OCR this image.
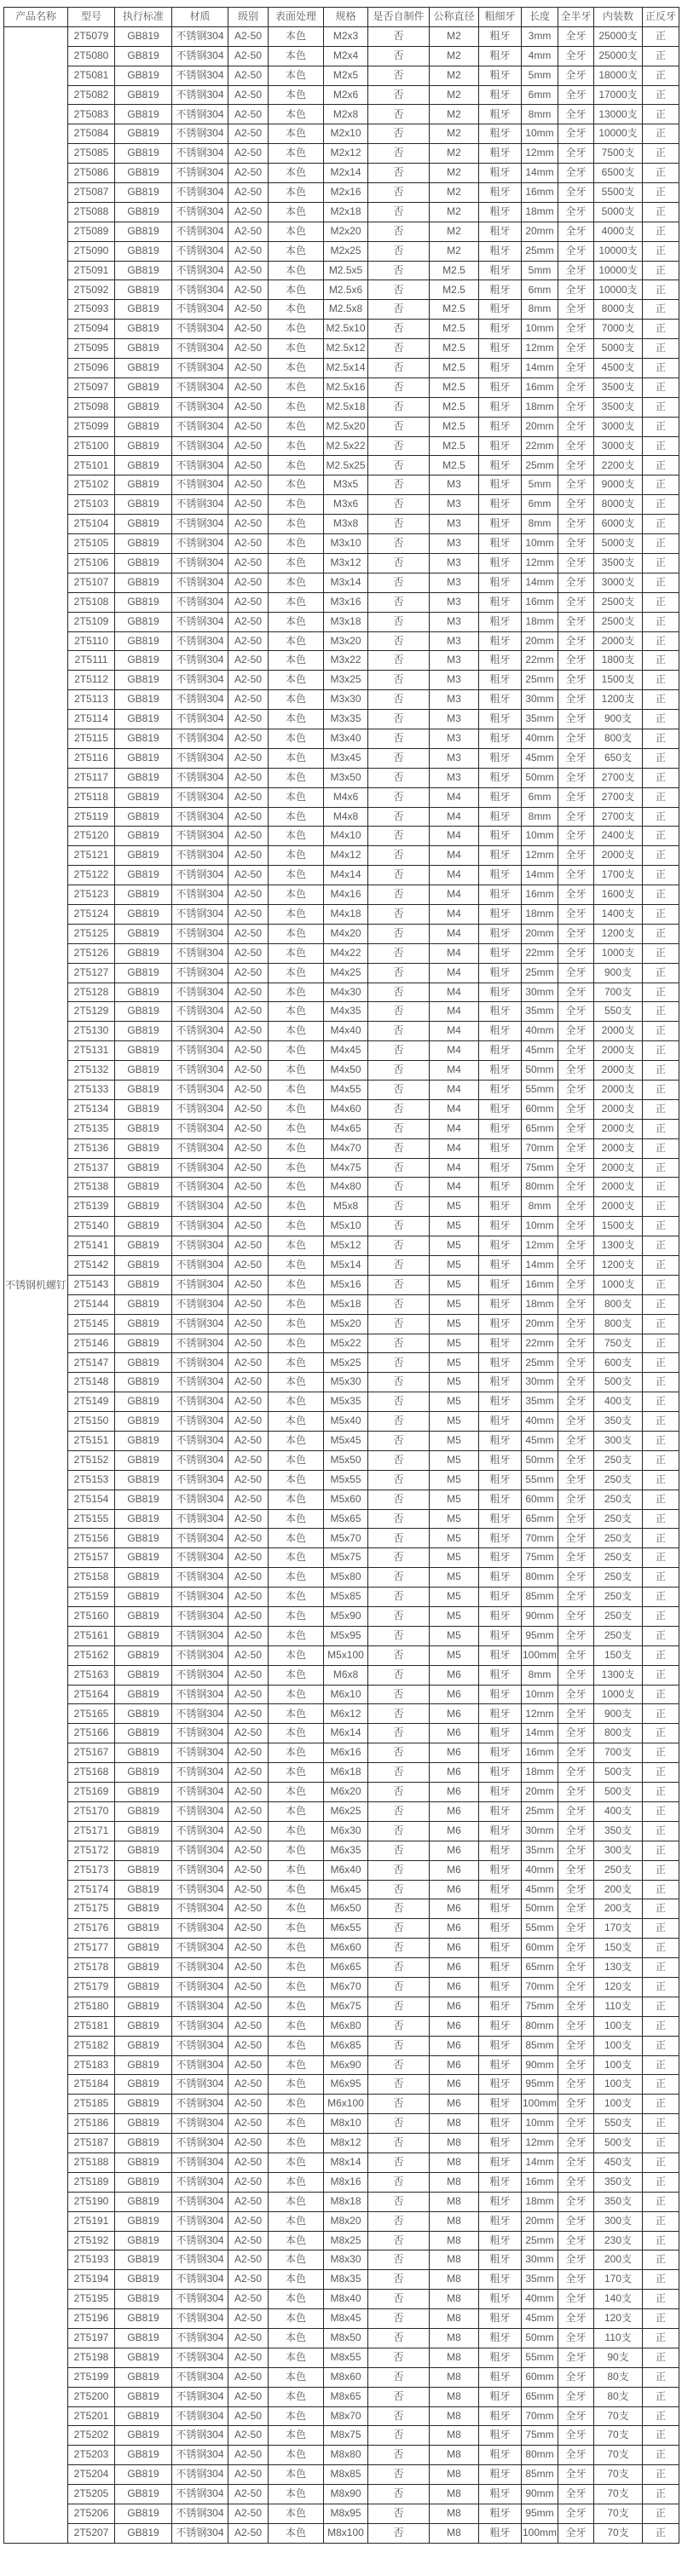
产品名称	型号	执行标准	材质	级别	表面处理	规格	是否自制件	公称直径	粗细牙	长度	全半牙	内装数	正反牙
不锈钢机螺钉	2T5079	GB819	不锈钢304	A2-50	本色	M2x3	否	M2	粗牙	3mm	全牙	25000支	正
	2T5080	GB819	不锈钢304	A2-50	本色	M2x4	否	M2	粗牙	4mm	全牙	25000支	正
	2T5081	GB819	不锈钢304	A2-50	本色	M2x5	否	M2	粗牙	5mm	全牙	18000支	正
	2T5082	GB819	不锈钢304	A2-50	本色	M2x6	否	M2	粗牙	6mm	全牙	17000支	正
	2T5083	GB819	不锈钢304	A2-50	本色	M2x8	否	M2	粗牙	8mm	全牙	13000支	正
	2T5084	GB819	不锈钢304	A2-50	本色	M2x10	否	M2	粗牙	10mm	全牙	10000支	正
	2T5085	GB819	不锈钢304	A2-50	本色	M2x12	否	M2	粗牙	12mm	全牙	7500支	正
	2T5086	GB819	不锈钢304	A2-50	本色	M2x14	否	M2	粗牙	14mm	全牙	6500支	正
	2T5087	GB819	不锈钢304	A2-50	本色	M2x16	否	M2	粗牙	16mm	全牙	5500支	正
	2T5088	GB819	不锈钢304	A2-50	本色	M2x18	否	M2	粗牙	18mm	全牙	5000支	正
	2T5089	GB819	不锈钢304	A2-50	本色	M2x20	否	M2	粗牙	20mm	全牙	4000支	正
	2T5090	GB819	不锈钢304	A2-50	本色	M2x25	否	M2	粗牙	25mm	全牙	10000支	正
	2T5091	GB819	不锈钢304	A2-50	本色	M2.5x5	否	M2.5	粗牙	5mm	全牙	10000支	正
	2T5092	GB819	不锈钢304	A2-50	本色	M2.5x6	否	M2.5	粗牙	6mm	全牙	10000支	正
	2T5093	GB819	不锈钢304	A2-50	本色	M2.5x8	否	M2.5	粗牙	8mm	全牙	8000支	正
	2T5094	GB819	不锈钢304	A2-50	本色	M2.5x10	否	M2.5	粗牙	10mm	全牙	7000支	正
	2T5095	GB819	不锈钢304	A2-50	本色	M2.5x12	否	M2.5	粗牙	12mm	全牙	5000支	正
	2T5096	GB819	不锈钢304	A2-50	本色	M2.5x14	否	M2.5	粗牙	14mm	全牙	4500支	正
	2T5097	GB819	不锈钢304	A2-50	本色	M2.5x16	否	M2.5	粗牙	16mm	全牙	3500支	正
	2T5098	GB819	不锈钢304	A2-50	本色	M2.5x18	否	M2.5	粗牙	18mm	全牙	3500支	正
	2T5099	GB819	不锈钢304	A2-50	本色	M2.5x20	否	M2.5	粗牙	20mm	全牙	3000支	正
	2T5100	GB819	不锈钢304	A2-50	本色	M2.5x22	否	M2.5	粗牙	22mm	全牙	3000支	正
	2T5101	GB819	不锈钢304	A2-50	本色	M2.5x25	否	M2.5	粗牙	25mm	全牙	2200支	正
	2T5102	GB819	不锈钢304	A2-50	本色	M3x5	否	M3	粗牙	5mm	全牙	9000支	正
	2T5103	GB819	不锈钢304	A2-50	本色	M3x6	否	M3	粗牙	6mm	全牙	8000支	正
	2T5104	GB819	不锈钢304	A2-50	本色	M3x8	否	M3	粗牙	8mm	全牙	6000支	正
	2T5105	GB819	不锈钢304	A2-50	本色	M3x10	否	M3	粗牙	10mm	全牙	5000支	正
	2T5106	GB819	不锈钢304	A2-50	本色	M3x12	否	M3	粗牙	12mm	全牙	3500支	正
	2T5107	GB819	不锈钢304	A2-50	本色	M3x14	否	M3	粗牙	14mm	全牙	3000支	正
	2T5108	GB819	不锈钢304	A2-50	本色	M3x16	否	M3	粗牙	16mm	全牙	2500支	正
	2T5109	GB819	不锈钢304	A2-50	本色	M3x18	否	M3	粗牙	18mm	全牙	2500支	正
	2T5110	GB819	不锈钢304	A2-50	本色	M3x20	否	M3	粗牙	20mm	全牙	2000支	正
	2T5111	GB819	不锈钢304	A2-50	本色	M3x22	否	M3	粗牙	22mm	全牙	1800支	正
	2T5112	GB819	不锈钢304	A2-50	本色	M3x25	否	M3	粗牙	25mm	全牙	1500支	正
	2T5113	GB819	不锈钢304	A2-50	本色	M3x30	否	M3	粗牙	30mm	全牙	1200支	正
	2T5114	GB819	不锈钢304	A2-50	本色	M3x35	否	M3	粗牙	35mm	全牙	900支	正
	2T5115	GB819	不锈钢304	A2-50	本色	M3x40	否	M3	粗牙	40mm	全牙	800支	正
	2T5116	GB819	不锈钢304	A2-50	本色	M3x45	否	M3	粗牙	45mm	全牙	650支	正
	2T5117	GB819	不锈钢304	A2-50	本色	M3x50	否	M3	粗牙	50mm	全牙	2700支	正
	2T5118	GB819	不锈钢304	A2-50	本色	M4x6	否	M4	粗牙	6mm	全牙	2700支	正
	2T5119	GB819	不锈钢304	A2-50	本色	M4x8	否	M4	粗牙	8mm	全牙	2700支	正
	2T5120	GB819	不锈钢304	A2-50	本色	M4x10	否	M4	粗牙	10mm	全牙	2400支	正
	2T5121	GB819	不锈钢304	A2-50	本色	M4x12	否	M4	粗牙	12mm	全牙	2000支	正
	2T5122	GB819	不锈钢304	A2-50	本色	M4x14	否	M4	粗牙	14mm	全牙	1700支	正
	2T5123	GB819	不锈钢304	A2-50	本色	M4x16	否	M4	粗牙	16mm	全牙	1600支	正
	2T5124	GB819	不锈钢304	A2-50	本色	M4x18	否	M4	粗牙	18mm	全牙	1400支	正
	2T5125	GB819	不锈钢304	A2-50	本色	M4x20	否	M4	粗牙	20mm	全牙	1200支	正
	2T5126	GB819	不锈钢304	A2-50	本色	M4x22	否	M4	粗牙	22mm	全牙	1000支	正
	2T5127	GB819	不锈钢304	A2-50	本色	M4x25	否	M4	粗牙	25mm	全牙	900支	正
	2T5128	GB819	不锈钢304	A2-50	本色	M4x30	否	M4	粗牙	30mm	全牙	700支	正
	2T5129	GB819	不锈钢304	A2-50	本色	M4x35	否	M4	粗牙	35mm	全牙	550支	正
	2T5130	GB819	不锈钢304	A2-50	本色	M4x40	否	M4	粗牙	40mm	全牙	2000支	正
	2T5131	GB819	不锈钢304	A2-50	本色	M4x45	否	M4	粗牙	45mm	全牙	2000支	正
	2T5132	GB819	不锈钢304	A2-50	本色	M4x50	否	M4	粗牙	50mm	全牙	2000支	正
	2T5133	GB819	不锈钢304	A2-50	本色	M4x55	否	M4	粗牙	55mm	全牙	2000支	正
	2T5134	GB819	不锈钢304	A2-50	本色	M4x60	否	M4	粗牙	60mm	全牙	2000支	正
	2T5135	GB819	不锈钢304	A2-50	本色	M4x65	否	M4	粗牙	65mm	全牙	2000支	正
	2T5136	GB819	不锈钢304	A2-50	本色	M4x70	否	M4	粗牙	70mm	全牙	2000支	正
	2T5137	GB819	不锈钢304	A2-50	本色	M4x75	否	M4	粗牙	75mm	全牙	2000支	正
	2T5138	GB819	不锈钢304	A2-50	本色	M4x80	否	M4	粗牙	80mm	全牙	2000支	正
	2T5139	GB819	不锈钢304	A2-50	本色	M5x8	否	M5	粗牙	8mm	全牙	2000支	正
	2T5140	GB819	不锈钢304	A2-50	本色	M5x10	否	M5	粗牙	10mm	全牙	1500支	正
	2T5141	GB819	不锈钢304	A2-50	本色	M5x12	否	M5	粗牙	12mm	全牙	1300支	正
	2T5142	GB819	不锈钢304	A2-50	本色	M5x14	否	M5	粗牙	14mm	全牙	1200支	正
	2T5143	GB819	不锈钢304	A2-50	本色	M5x16	否	M5	粗牙	16mm	全牙	1000支	正
	2T5144	GB819	不锈钢304	A2-50	本色	M5x18	否	M5	粗牙	18mm	全牙	800支	正
	2T5145	GB819	不锈钢304	A2-50	本色	M5x20	否	M5	粗牙	20mm	全牙	800支	正
	2T5146	GB819	不锈钢304	A2-50	本色	M5x22	否	M5	粗牙	22mm	全牙	750支	正
	2T5147	GB819	不锈钢304	A2-50	本色	M5x25	否	M5	粗牙	25mm	全牙	600支	正
	2T5148	GB819	不锈钢304	A2-50	本色	M5x30	否	M5	粗牙	30mm	全牙	500支	正
	2T5149	GB819	不锈钢304	A2-50	本色	M5x35	否	M5	粗牙	35mm	全牙	400支	正
	2T5150	GB819	不锈钢304	A2-50	本色	M5x40	否	M5	粗牙	40mm	全牙	350支	正
	2T5151	GB819	不锈钢304	A2-50	本色	M5x45	否	M5	粗牙	45mm	全牙	300支	正
	2T5152	GB819	不锈钢304	A2-50	本色	M5x50	否	M5	粗牙	50mm	全牙	250支	正
	2T5153	GB819	不锈钢304	A2-50	本色	M5x55	否	M5	粗牙	55mm	全牙	250支	正
	2T5154	GB819	不锈钢304	A2-50	本色	M5x60	否	M5	粗牙	60mm	全牙	250支	正
	2T5155	GB819	不锈钢304	A2-50	本色	M5x65	否	M5	粗牙	65mm	全牙	250支	正
	2T5156	GB819	不锈钢304	A2-50	本色	M5x70	否	M5	粗牙	70mm	全牙	250支	正
	2T5157	GB819	不锈钢304	A2-50	本色	M5x75	否	M5	粗牙	75mm	全牙	250支	正
	2T5158	GB819	不锈钢304	A2-50	本色	M5x80	否	M5	粗牙	80mm	全牙	250支	正
	2T5159	GB819	不锈钢304	A2-50	本色	M5x85	否	M5	粗牙	85mm	全牙	250支	正
	2T5160	GB819	不锈钢304	A2-50	本色	M5x90	否	M5	粗牙	90mm	全牙	250支	正
	2T5161	GB819	不锈钢304	A2-50	本色	M5x95	否	M5	粗牙	95mm	全牙	250支	正
	2T5162	GB819	不锈钢304	A2-50	本色	M5x100	否	M5	粗牙	100mm	全牙	150支	正
	2T5163	GB819	不锈钢304	A2-50	本色	M6x8	否	M6	粗牙	8mm	全牙	1300支	正
	2T5164	GB819	不锈钢304	A2-50	本色	M6x10	否	M6	粗牙	10mm	全牙	1000支	正
	2T5165	GB819	不锈钢304	A2-50	本色	M6x12	否	M6	粗牙	12mm	全牙	900支	正
	2T5166	GB819	不锈钢304	A2-50	本色	M6x14	否	M6	粗牙	14mm	全牙	800支	正
	2T5167	GB819	不锈钢304	A2-50	本色	M6x16	否	M6	粗牙	16mm	全牙	700支	正
	2T5168	GB819	不锈钢304	A2-50	本色	M6x18	否	M6	粗牙	18mm	全牙	500支	正
	2T5169	GB819	不锈钢304	A2-50	本色	M6x20	否	M6	粗牙	20mm	全牙	500支	正
	2T5170	GB819	不锈钢304	A2-50	本色	M6x25	否	M6	粗牙	25mm	全牙	400支	正
	2T5171	GB819	不锈钢304	A2-50	本色	M6x30	否	M6	粗牙	30mm	全牙	350支	正
	2T5172	GB819	不锈钢304	A2-50	本色	M6x35	否	M6	粗牙	35mm	全牙	300支	正
	2T5173	GB819	不锈钢304	A2-50	本色	M6x40	否	M6	粗牙	40mm	全牙	250支	正
	2T5174	GB819	不锈钢304	A2-50	本色	M6x45	否	M6	粗牙	45mm	全牙	200支	正
	2T5175	GB819	不锈钢304	A2-50	本色	M6x50	否	M6	粗牙	50mm	全牙	200支	正
	2T5176	GB819	不锈钢304	A2-50	本色	M6x55	否	M6	粗牙	55mm	全牙	170支	正
	2T5177	GB819	不锈钢304	A2-50	本色	M6x60	否	M6	粗牙	60mm	全牙	150支	正
	2T5178	GB819	不锈钢304	A2-50	本色	M6x65	否	M6	粗牙	65mm	全牙	130支	正
	2T5179	GB819	不锈钢304	A2-50	本色	M6x70	否	M6	粗牙	70mm	全牙	120支	正
	2T5180	GB819	不锈钢304	A2-50	本色	M6x75	否	M6	粗牙	75mm	全牙	110支	正
	2T5181	GB819	不锈钢304	A2-50	本色	M6x80	否	M6	粗牙	80mm	全牙	100支	正
	2T5182	GB819	不锈钢304	A2-50	本色	M6x85	否	M6	粗牙	85mm	全牙	100支	正
	2T5183	GB819	不锈钢304	A2-50	本色	M6x90	否	M6	粗牙	90mm	全牙	100支	正
	2T5184	GB819	不锈钢304	A2-50	本色	M6x95	否	M6	粗牙	95mm	全牙	100支	正
	2T5185	GB819	不锈钢304	A2-50	本色	M6x100	否	M6	粗牙	100mm	全牙	100支	正
	2T5186	GB819	不锈钢304	A2-50	本色	M8x10	否	M8	粗牙	10mm	全牙	550支	正
	2T5187	GB819	不锈钢304	A2-50	本色	M8x12	否	M8	粗牙	12mm	全牙	500支	正
	2T5188	GB819	不锈钢304	A2-50	本色	M8x14	否	M8	粗牙	14mm	全牙	450支	正
	2T5189	GB819	不锈钢304	A2-50	本色	M8x16	否	M8	粗牙	16mm	全牙	350支	正
	2T5190	GB819	不锈钢304	A2-50	本色	M8x18	否	M8	粗牙	18mm	全牙	350支	正
	2T5191	GB819	不锈钢304	A2-50	本色	M8x20	否	M8	粗牙	20mm	全牙	300支	正
	2T5192	GB819	不锈钢304	A2-50	本色	M8x25	否	M8	粗牙	25mm	全牙	230支	正
	2T5193	GB819	不锈钢304	A2-50	本色	M8x30	否	M8	粗牙	30mm	全牙	200支	正
	2T5194	GB819	不锈钢304	A2-50	本色	M8x35	否	M8	粗牙	35mm	全牙	170支	正
	2T5195	GB819	不锈钢304	A2-50	本色	M8x40	否	M8	粗牙	40mm	全牙	140支	正
	2T5196	GB819	不锈钢304	A2-50	本色	M8x45	否	M8	粗牙	45mm	全牙	120支	正
	2T5197	GB819	不锈钢304	A2-50	本色	M8x50	否	M8	粗牙	50mm	全牙	110支	正
	2T5198	GB819	不锈钢304	A2-50	本色	M8x55	否	M8	粗牙	55mm	全牙	90支	正
	2T5199	GB819	不锈钢304	A2-50	本色	M8x60	否	M8	粗牙	60mm	全牙	80支	正
	2T5200	GB819	不锈钢304	A2-50	本色	M8x65	否	M8	粗牙	65mm	全牙	80支	正
	2T5201	GB819	不锈钢304	A2-50	本色	M8x70	否	M8	粗牙	70mm	全牙	70支	正
	2T5202	GB819	不锈钢304	A2-50	本色	M8x75	否	M8	粗牙	75mm	全牙	70支	正
	2T5203	GB819	不锈钢304	A2-50	本色	M8x80	否	M8	粗牙	80mm	全牙	70支	正
	2T5204	GB819	不锈钢304	A2-50	本色	M8x85	否	M8	粗牙	85mm	全牙	70支	正
	2T5205	GB819	不锈钢304	A2-50	本色	M8x90	否	M8	粗牙	90mm	全牙	70支	正
	2T5206	GB819	不锈钢304	A2-50	本色	M8x95	否	M8	粗牙	95mm	全牙	70支	正
	2T5207	GB819	不锈钢304	A2-50	本色	M8x100	否	M8	粗牙	100mm	全牙	70支	正
